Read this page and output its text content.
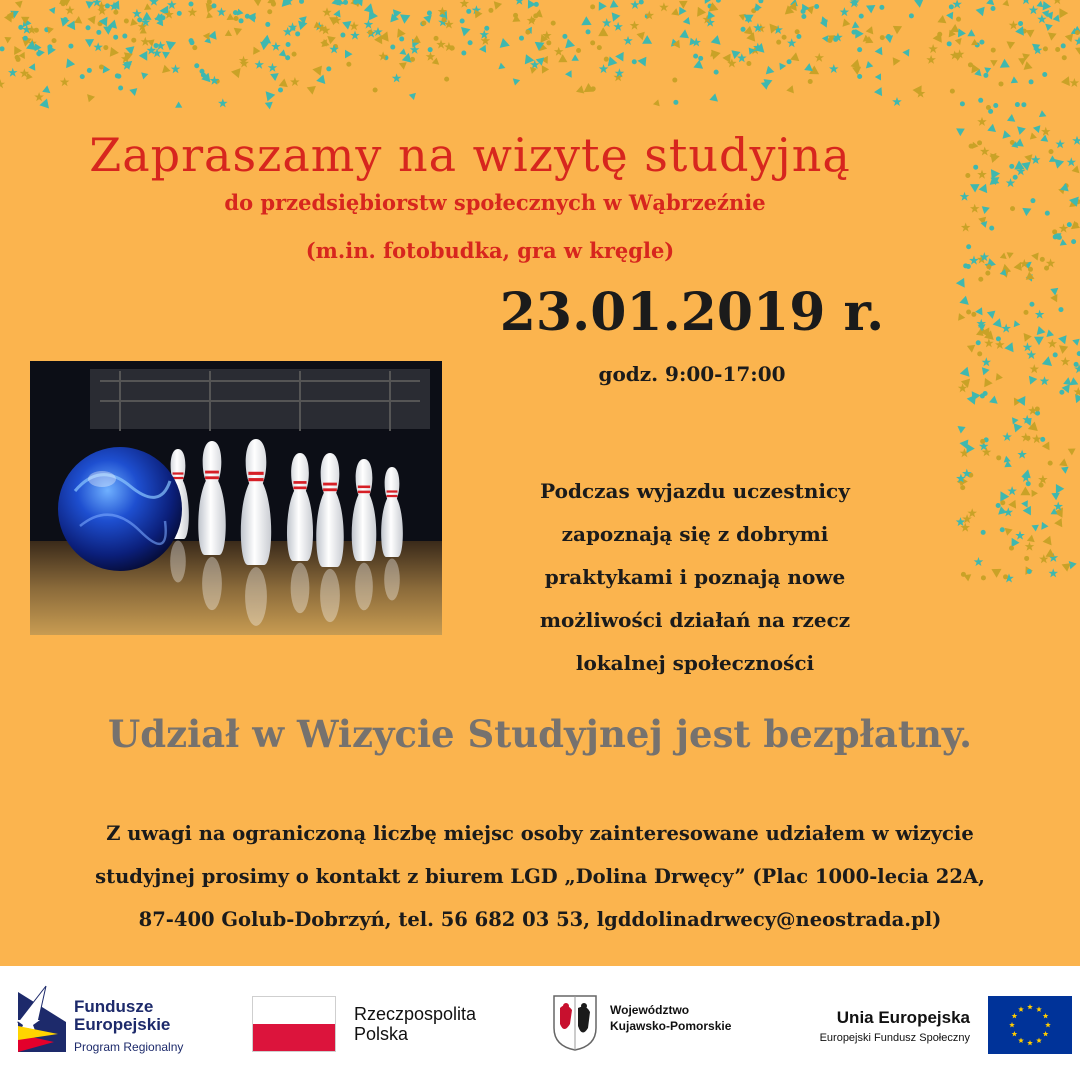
Zapraszamy na wizytę studyjną
do przedsiębiorstw społecznych w Wąbrzeźnie
(m.in. fotobudka, gra w kręgle)
23.01.2019 r.
godz. 9:00-17:00
Podczas wyjazdu uczestnicy
zapoznają się z dobrymi
praktykami i poznają nowe
możliwości działań na rzecz
lokalnej społeczności
Udział w Wizycie Studyjnej jest bezpłatny.
Z uwagi na ograniczoną liczbę miejsc osoby zainteresowane udziałem w wizycie
studyjnej prosimy o kontakt z biurem LGD „Dolina Drwęcy” (Plac 1000-lecia 22A,
87-400 Golub-Dobrzyń, tel. 56 682 03 53, lgddolinadrwecy@neostrada.pl)
Fundusze
Europejskie
Program Regionalny
Rzeczpospolita
Polska
Województwo
Kujawsko-Pomorskie	Unia Europejska
Europejski Fundusz Społeczny
